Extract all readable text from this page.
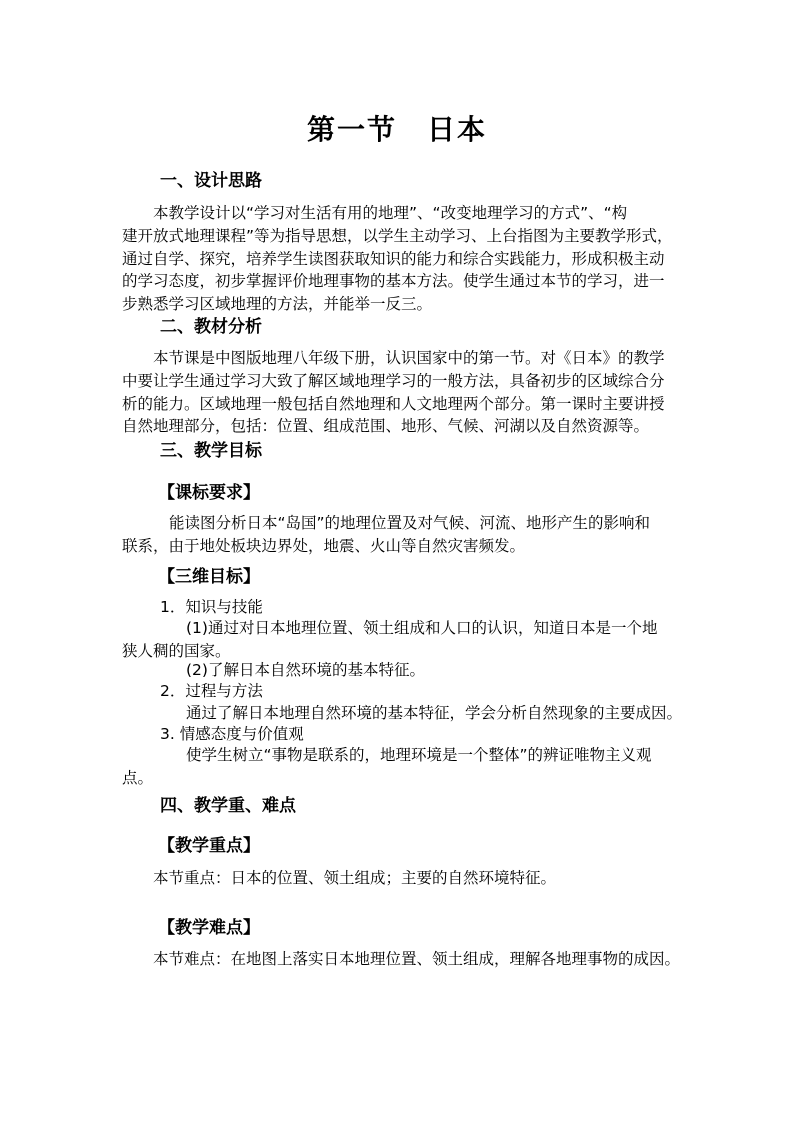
第一节　日本
一、设计思路
本教学设计以“学习对生活有用的地理”、“改变地理学习的方式”、“构
建开放式地理课程”等为指导思想，以学生主动学习、上台指图为主要教学形式，
通过自学、探究，培养学生读图获取知识的能力和综合实践能力，形成积极主动
的学习态度，初步掌握评价地理事物的基本方法。使学生通过本节的学习，进一
步熟悉学习区域地理的方法，并能举一反三。
二、教材分析
本节课是中图版地理八年级下册，认识国家中的第一节。对《日本》的教学
中要让学生通过学习大致了解区域地理学习的一般方法，具备初步的区域综合分
析的能力。区域地理一般包括自然地理和人文地理两个部分。第一课时主要讲授
自然地理部分，包括：位置、组成范围、地形、气候、河湖以及自然资源等。
三、教学目标
【课标要求】
能读图分析日本“岛国”的地理位置及对气候、河流、地形产生的影响和
联系，由于地处板块边界处，地震、火山等自然灾害频发。
【三维目标】
1．知识与技能
(1)通过对日本地理位置、领土组成和人口的认识，知道日本是一个地
狭人稠的国家。
(2)了解日本自然环境的基本特征。
2．过程与方法
通过了解日本地理自然环境的基本特征，学会分析自然现象的主要成因。
3. 情感态度与价值观
使学生树立“事物是联系的，地理环境是一个整体”的辨证唯物主义观
点。
四、教学重、难点
【教学重点】
本节重点：日本的位置、领土组成；主要的自然环境特征。
【教学难点】
本节难点：在地图上落实日本地理位置、领土组成，理解各地理事物的成因。
